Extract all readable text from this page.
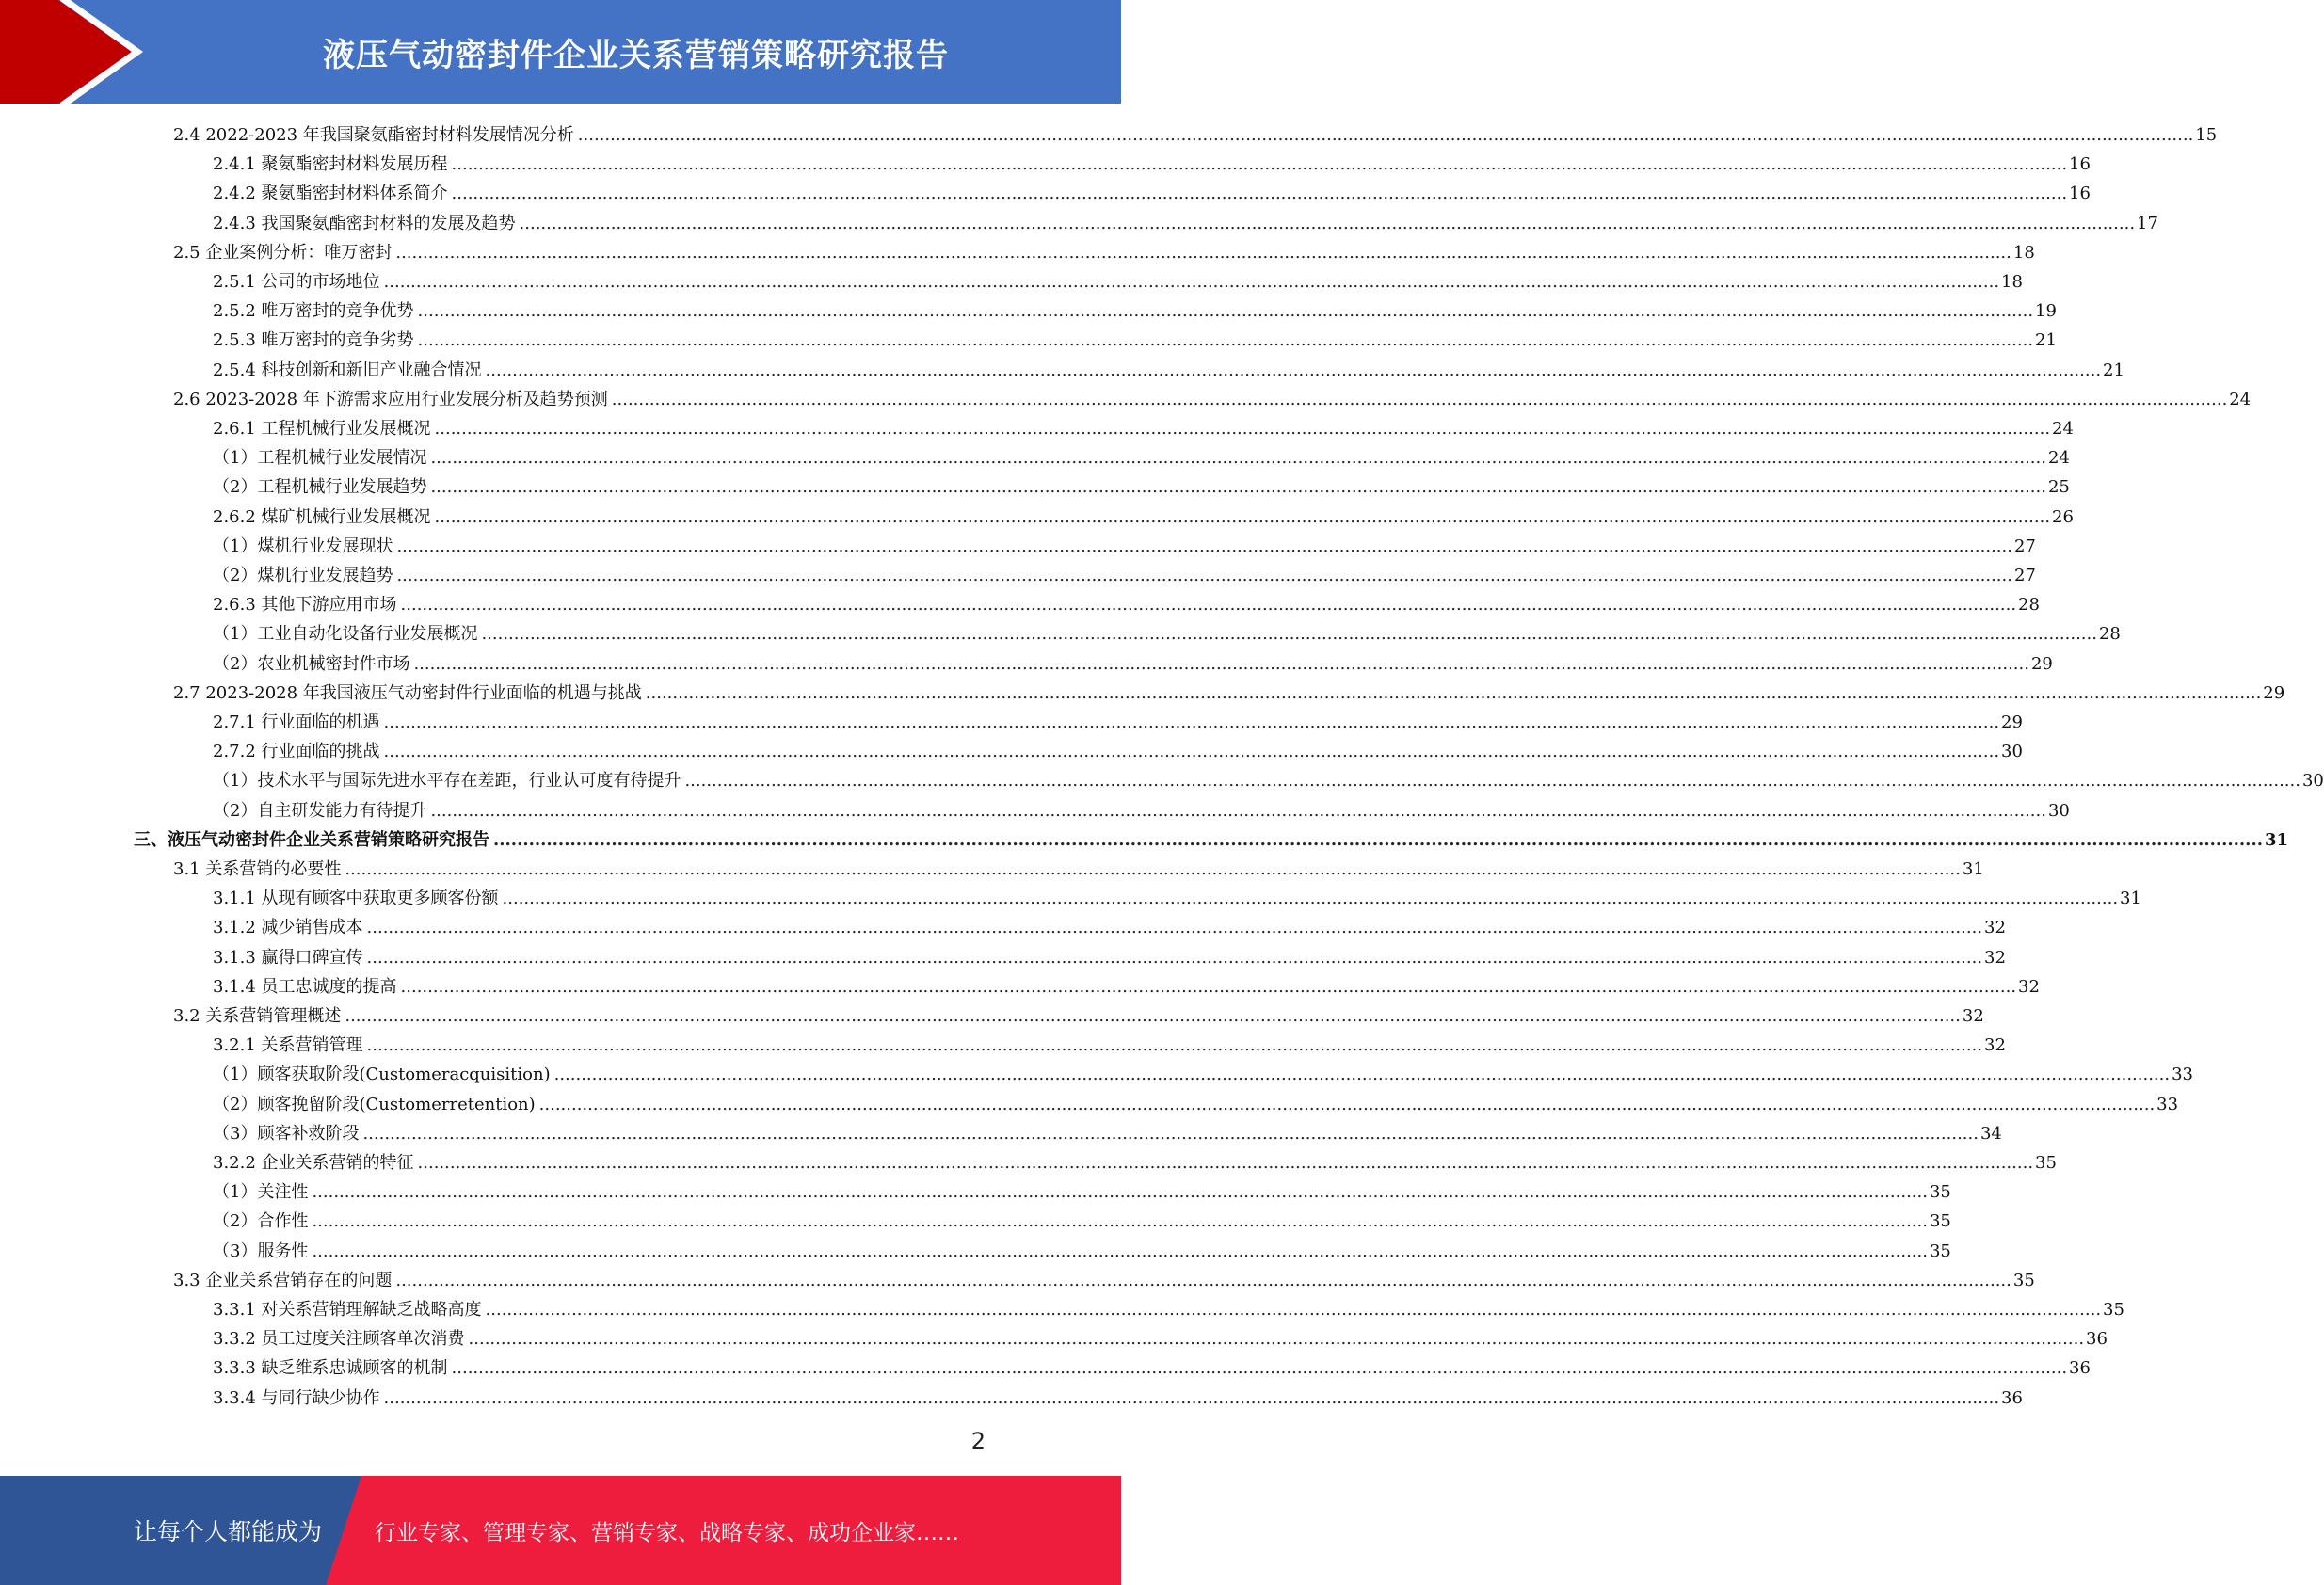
液压气动密封件企业关系营销策略研究报告
2.4 2022-2023 年我国聚氨酯密封材料发展情况分析 ............................................................................................................................................................................................................................................................................................................ 15
2.4.1 聚氨酯密封材料发展历程 ............................................................................................................................................................................................................................................................................................................ 16
2.4.2 聚氨酯密封材料体系简介 ............................................................................................................................................................................................................................................................................................................ 16
2.4.3 我国聚氨酯密封材料的发展及趋势 ............................................................................................................................................................................................................................................................................................................ 17
2.5 企业案例分析：唯万密封 ............................................................................................................................................................................................................................................................................................................ 18
2.5.1 公司的市场地位 ............................................................................................................................................................................................................................................................................................................ 18
2.5.2 唯万密封的竞争优势 ............................................................................................................................................................................................................................................................................................................ 19
2.5.3 唯万密封的竞争劣势 ............................................................................................................................................................................................................................................................................................................ 21
2.5.4 科技创新和新旧产业融合情况 ............................................................................................................................................................................................................................................................................................................ 21
2.6 2023-2028 年下游需求应用行业发展分析及趋势预测 ............................................................................................................................................................................................................................................................................................................ 24
2.6.1 工程机械行业发展概况 ............................................................................................................................................................................................................................................................................................................ 24
（1）工程机械行业发展情况 ............................................................................................................................................................................................................................................................................................................ 24
（2）工程机械行业发展趋势 ............................................................................................................................................................................................................................................................................................................ 25
2.6.2 煤矿机械行业发展概况 ............................................................................................................................................................................................................................................................................................................ 26
（1）煤机行业发展现状 ............................................................................................................................................................................................................................................................................................................ 27
（2）煤机行业发展趋势 ............................................................................................................................................................................................................................................................................................................ 27
2.6.3 其他下游应用市场 ............................................................................................................................................................................................................................................................................................................ 28
（1）工业自动化设备行业发展概况 ............................................................................................................................................................................................................................................................................................................ 28
（2）农业机械密封件市场 ............................................................................................................................................................................................................................................................................................................ 29
2.7 2023-2028 年我国液压气动密封件行业面临的机遇与挑战 ............................................................................................................................................................................................................................................................................................................ 29
2.7.1 行业面临的机遇 ............................................................................................................................................................................................................................................................................................................ 29
2.7.2 行业面临的挑战 ............................................................................................................................................................................................................................................................................................................ 30
（1）技术水平与国际先进水平存在差距，行业认可度有待提升 ............................................................................................................................................................................................................................................................................................................ 30
（2）自主研发能力有待提升 ............................................................................................................................................................................................................................................................................................................ 30
三、液压气动密封件企业关系营销策略研究报告 ............................................................................................................................................................................................................................................................................................................ 31
3.1 关系营销的必要性 ............................................................................................................................................................................................................................................................................................................ 31
3.1.1 从现有顾客中获取更多顾客份额 ............................................................................................................................................................................................................................................................................................................ 31
3.1.2 减少销售成本 ............................................................................................................................................................................................................................................................................................................ 32
3.1.3 赢得口碑宣传 ............................................................................................................................................................................................................................................................................................................ 32
3.1.4 员工忠诚度的提高 ............................................................................................................................................................................................................................................................................................................ 32
3.2 关系营销管理概述 ............................................................................................................................................................................................................................................................................................................ 32
3.2.1 关系营销管理 ............................................................................................................................................................................................................................................................................................................ 32
（1）顾客获取阶段(Customeracquisition) ............................................................................................................................................................................................................................................................................................................ 33
（2）顾客挽留阶段(Customerretention) ............................................................................................................................................................................................................................................................................................................ 33
（3）顾客补救阶段 ............................................................................................................................................................................................................................................................................................................ 34
3.2.2 企业关系营销的特征 ............................................................................................................................................................................................................................................................................................................ 35
（1）关注性 ............................................................................................................................................................................................................................................................................................................ 35
（2）合作性 ............................................................................................................................................................................................................................................................................................................ 35
（3）服务性 ............................................................................................................................................................................................................................................................................................................ 35
3.3 企业关系营销存在的问题 ............................................................................................................................................................................................................................................................................................................ 35
3.3.1 对关系营销理解缺乏战略高度 ............................................................................................................................................................................................................................................................................................................ 35
3.3.2 员工过度关注顾客单次消费 ............................................................................................................................................................................................................................................................................................................ 36
3.3.3 缺乏维系忠诚顾客的机制 ............................................................................................................................................................................................................................................................................................................ 36
3.3.4 与同行缺少协作 ............................................................................................................................................................................................................................................................................................................ 36
2
让每个人都能成为 行业专家、管理专家、营销专家、战略专家、成功企业家……
